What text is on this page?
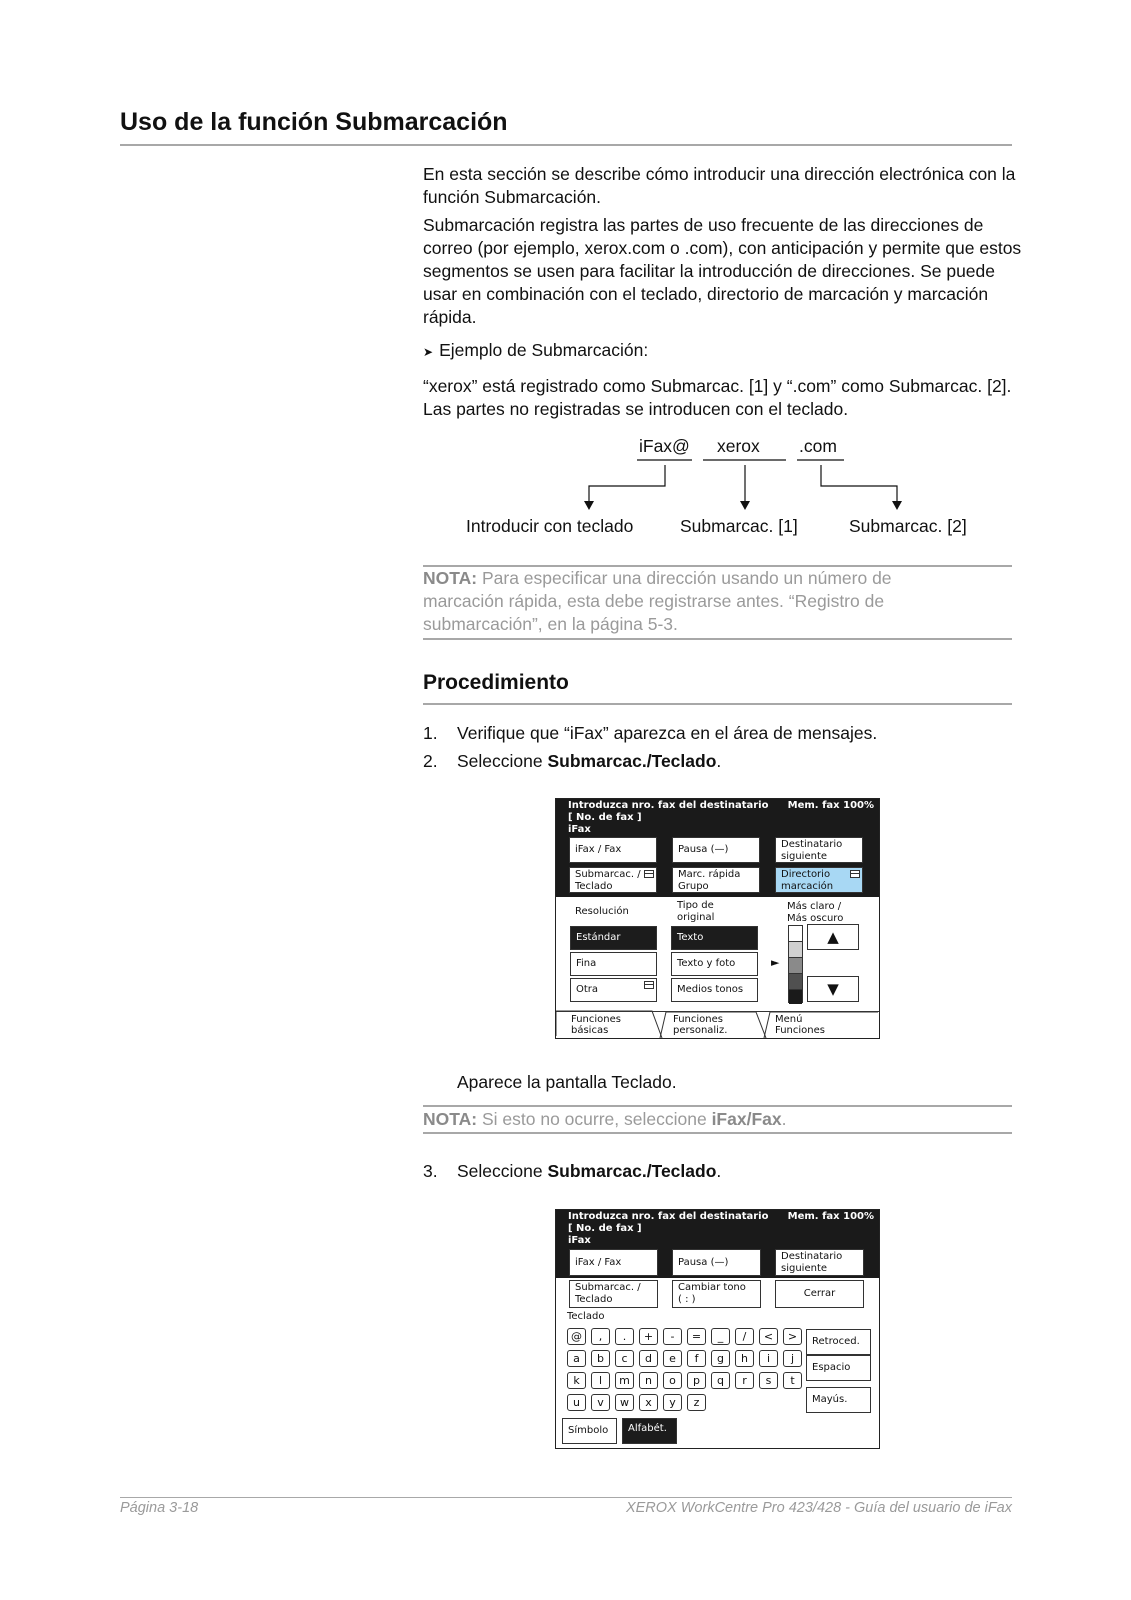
Uso de la función Submarcación
En esta sección se describe cómo introducir una dirección electrónica con la función Submarcación.
Submarcación registra las partes de uso frecuente de las direcciones de correo (por ejemplo, xerox.com o .com), con anticipación y permite que estos segmentos se usen para facilitar la introducción de direcciones. Se puede usar en combinación con el teclado, directorio de marcación y marcación rápida.
➤ Ejemplo de Submarcación:
“xerox” está registrado como Submarcac. [1] y “.com” como Submarcac. [2]. Las partes no registradas se introducen con el teclado.
iFax@ xerox .com
Introducir con teclado	Submarcac. [1]	Submarcac. [2]
NOTA: Para especificar una dirección usando un número de marcación rápida, esta debe registrarse antes. “Registro de submarcación”, en la página 5-3.
Procedimiento
1. Verifique que “iFax” aparezca en el área de mensajes.
2. Seleccione Submarcac./Teclado.
Introduzca nro. fax del destinatario
[ No. de fax ]
iFax
Mem. fax 100%
iFax / Fax	Pausa (—)	Destinatario
siguiente
Submarcac. /
Teclado
Marc. rápida
Grupo
Directorio
marcación
Resolución
Tipo de
original
Más claro /
Más oscuro
Estándar
Fina
Otra
Texto
Texto y foto
Medios tonos
►
▲
▼
Funciones
básicas
Funciones
personaliz.
Menú
Funciones
Aparece la pantalla Teclado.
NOTA: Si esto no ocurre, seleccione iFax/Fax.
3. Seleccione Submarcac./Teclado.
Introduzca nro. fax del destinatario
[ No. de fax ]
iFax
Mem. fax 100%
iFax / Fax	Pausa (—)
Destinatario
siguiente
Submarcac. /
Teclado
Cambiar tono
( : )
Cerrar
Teclado
@	,	.	+	-	=	_	/	<	>
a	b	c	d	e	f	g	h	i	j
k	l	m	n	o	p	q	r	s	t
u	v	w	x	y	z
Retroced.
Espacio
Mayús.
Símbolo	Alfabét.
Página 3-18	XEROX WorkCentre Pro 423/428 - Guía del usuario de iFax
